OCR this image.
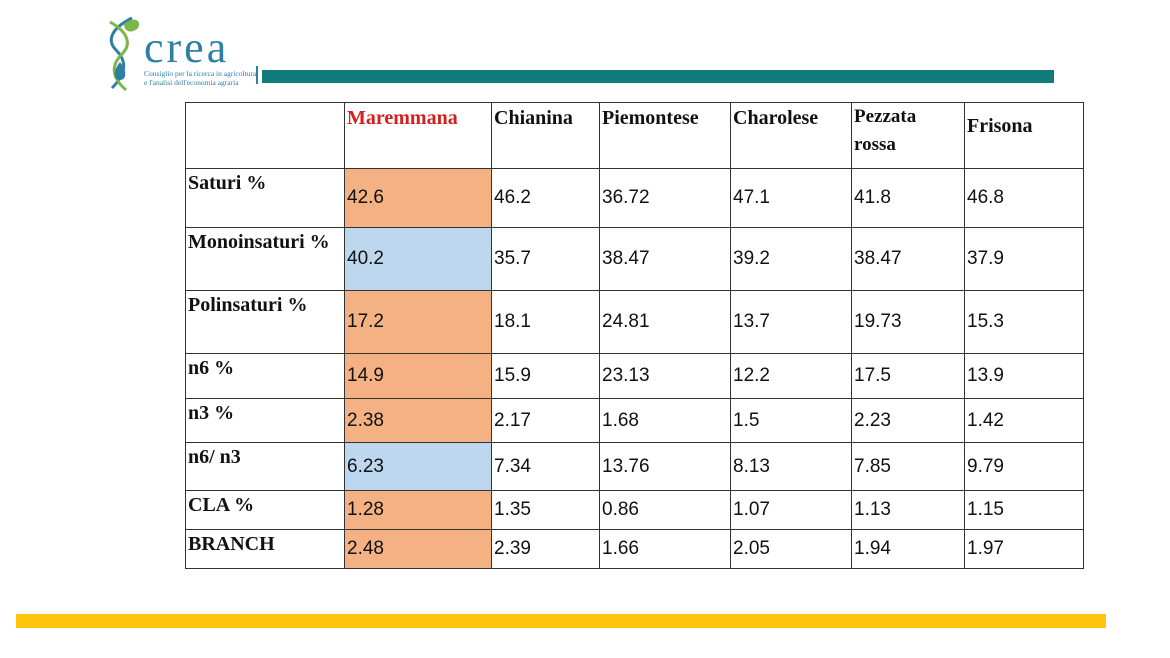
crea
Consiglio per la ricerca in agricoltura
e l'analisi dell'economia agraria
	Maremmana	Chianina	Piemontese	Charolese	Pezzata rossa	Frisona
Saturi %	42.6	46.2	36.72	47.1	41.8	46.8
Monoinsaturi %	40.2	35.7	38.47	39.2	38.47	37.9
Polinsaturi %	17.2	18.1	24.81	13.7	19.73	15.3
n6 %	14.9	15.9	23.13	12.2	17.5	13.9
n3 %	2.38	2.17	1.68	1.5	2.23	1.42
n6/ n3	6.23	7.34	13.76	8.13	7.85	9.79
CLA %	1.28	1.35	0.86	1.07	1.13	1.15
BRANCH	2.48	2.39	1.66	2.05	1.94	1.97
